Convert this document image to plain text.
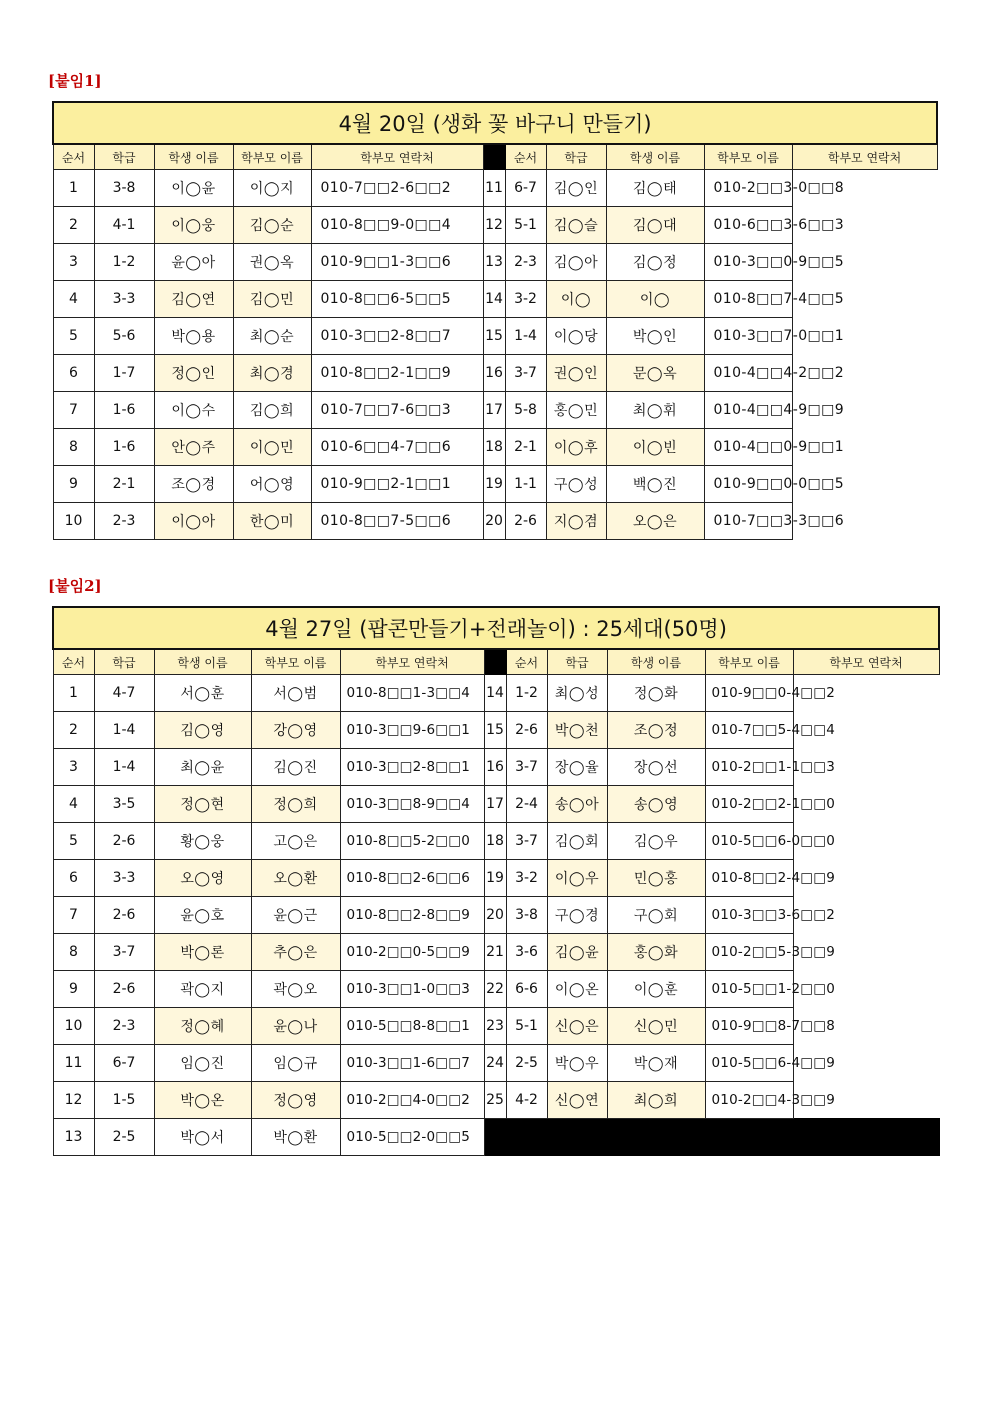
[붙임1]
4월 20일 (생화 꽃 바구니 만들기)										
순서	학급	학생 이름	학부모 이름	학부모 연락처		순서	학급	학생 이름	학부모 이름	학부모 연락처
1	3-8	이◯윤	이◯지	010-7□□2-6□□2	11	6-7	김◯인	김◯태	010-2□□3-0□□8	
2	4-1	이◯웅	김◯순	010-8□□9-0□□4	12	5-1	김◯슬	김◯대	010-6□□3-6□□3	
3	1-2	윤◯아	권◯옥	010-9□□1-3□□6	13	2-3	김◯아	김◯정	010-3□□0-9□□5	
4	3-3	김◯연	김◯민	010-8□□6-5□□5	14	3-2	이◯	이◯	010-8□□7-4□□5	
5	5-6	박◯용	최◯순	010-3□□2-8□□7	15	1-4	이◯당	박◯인	010-3□□7-0□□1	
6	1-7	정◯인	최◯경	010-8□□2-1□□9	16	3-7	권◯인	문◯옥	010-4□□4-2□□2	
7	1-6	이◯수	김◯희	010-7□□7-6□□3	17	5-8	홍◯민	최◯휘	010-4□□4-9□□9	
8	1-6	안◯주	이◯민	010-6□□4-7□□6	18	2-1	이◯후	이◯빈	010-4□□0-9□□1	
9	2-1	조◯경	어◯영	010-9□□2-1□□1	19	1-1	구◯성	백◯진	010-9□□0-0□□5	
10	2-3	이◯아	한◯미	010-8□□7-5□□6	20	2-6	지◯겸	오◯은	010-7□□3-3□□6	
[붙임2]
4월 27일 (팝콘만들기+전래놀이) : 25세대(50명)										
순서	학급	학생 이름	학부모 이름	학부모 연락처		순서	학급	학생 이름	학부모 이름	학부모 연락처
1	4-7	서◯훈	서◯범	010-8□□1-3□□4	14	1-2	최◯성	정◯화	010-9□□0-4□□2	
2	1-4	김◯영	강◯영	010-3□□9-6□□1	15	2-6	박◯천	조◯정	010-7□□5-4□□4	
3	1-4	최◯윤	김◯진	010-3□□2-8□□1	16	3-7	장◯율	장◯선	010-2□□1-1□□3	
4	3-5	정◯현	정◯희	010-3□□8-9□□4	17	2-4	송◯아	송◯영	010-2□□2-1□□0	
5	2-6	황◯웅	고◯은	010-8□□5-2□□0	18	3-7	김◯회	김◯우	010-5□□6-0□□0	
6	3-3	오◯영	오◯환	010-8□□2-6□□6	19	3-2	이◯우	민◯홍	010-8□□2-4□□9	
7	2-6	윤◯호	윤◯근	010-8□□2-8□□9	20	3-8	구◯경	구◯회	010-3□□3-6□□2	
8	3-7	박◯론	추◯은	010-2□□0-5□□9	21	3-6	김◯윤	홍◯화	010-2□□5-3□□9	
9	2-6	곽◯지	곽◯오	010-3□□1-0□□3	22	6-6	이◯온	이◯훈	010-5□□1-2□□0	
10	2-3	정◯혜	윤◯나	010-5□□8-8□□1	23	5-1	신◯은	신◯민	010-9□□8-7□□8	
11	6-7	임◯진	임◯규	010-3□□1-6□□7	24	2-5	박◯우	박◯재	010-5□□6-4□□9	
12	1-5	박◯온	정◯영	010-2□□4-0□□2	25	4-2	신◯연	최◯희	010-2□□4-3□□9	
13	2-5	박◯서	박◯환	010-5□□2-0□□5						
